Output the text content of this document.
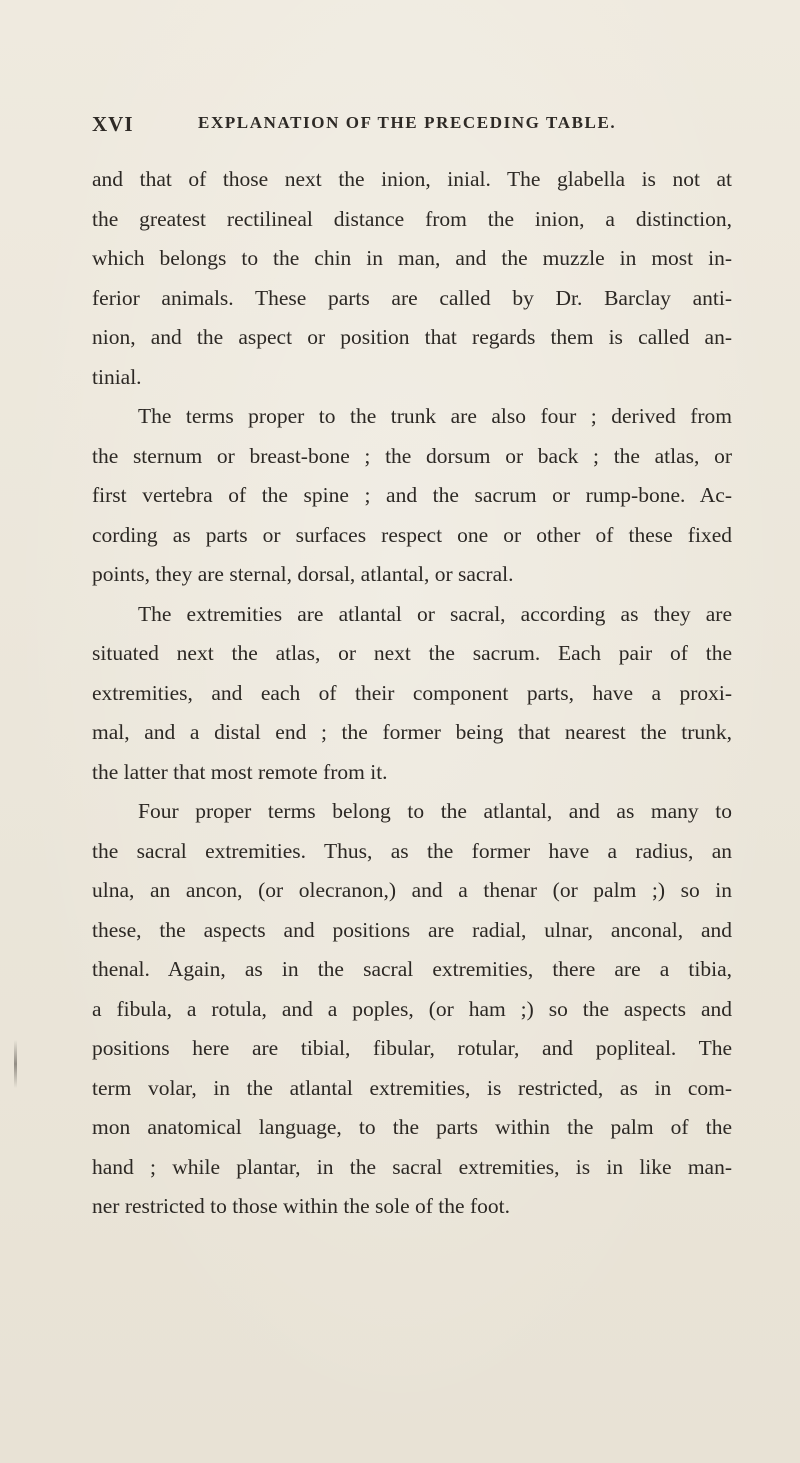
XVI	EXPLANATION OF THE PRECEDING TABLE.
and that of those next the inion, inial. The glabella is not at
the greatest rectilineal distance from the inion, a distinction,
which belongs to the chin in man, and the muzzle in most in-
ferior animals. These parts are called by Dr. Barclay anti-
nion, and the aspect or position that regards them is called an-
tinial.
The terms proper to the trunk are also four ; derived from
the sternum or breast-bone ; the dorsum or back ; the atlas, or
first vertebra of the spine ; and the sacrum or rump-bone. Ac-
cording as parts or surfaces respect one or other of these fixed
points, they are sternal, dorsal, atlantal, or sacral.
The extremities are atlantal or sacral, according as they are
situated next the atlas, or next the sacrum. Each pair of the
extremities, and each of their component parts, have a proxi-
mal, and a distal end ; the former being that nearest the trunk,
the latter that most remote from it.
Four proper terms belong to the atlantal, and as many to
the sacral extremities. Thus, as the former have a radius, an
ulna, an ancon, (or olecranon,) and a thenar (or palm ;) so in
these, the aspects and positions are radial, ulnar, anconal, and
thenal. Again, as in the sacral extremities, there are a tibia,
a fibula, a rotula, and a poples, (or ham ;) so the aspects and
positions here are tibial, fibular, rotular, and popliteal. The
term volar, in the atlantal extremities, is restricted, as in com-
mon anatomical language, to the parts within the palm of the
hand ; while plantar, in the sacral extremities, is in like man-
ner restricted to those within the sole of the foot.
